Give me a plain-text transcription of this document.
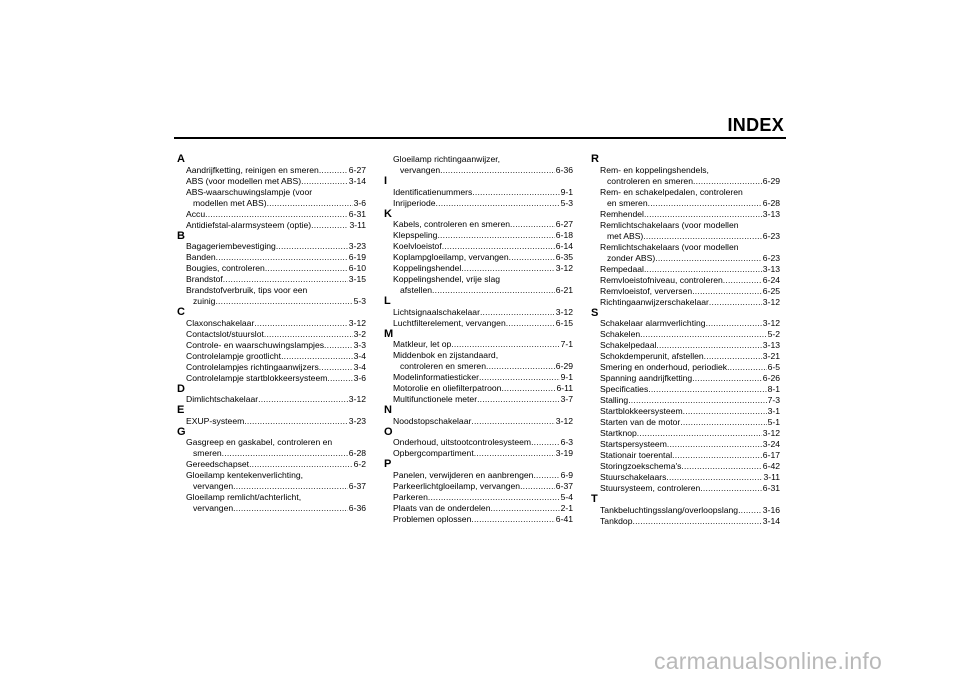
INDEX
A
Aandrijfketting, reinigen en smeren .....	6-27
ABS (voor modellen met ABS) .....	3-14
ABS-waarschuwingslampje (voor
modellen met ABS) .....	3-6
Accu .....	6-31
Antidiefstal-alarmsysteem (optie) .....	3-11
B
Bagageriembevestiging .....	3-23
Banden .....	6-19
Bougies, controleren .....	6-10
Brandstof .....	3-15
Brandstofverbruik, tips voor een
zuinig .....	5-3
C
Claxonschakelaar .....	3-12
Contactslot/stuurslot .....	3-2
Controle- en waarschuwingslampjes .....	3-3
Controlelampje grootlicht .....	3-4
Controlelampjes richtingaanwijzers .....	3-4
Controlelampje startblokkeersysteem .....	3-6
D
Dimlichtschakelaar .....	3-12
E
EXUP-systeem .....	3-23
G
Gasgreep en gaskabel, controleren en
smeren .....	6-28
Gereedschapset .....	6-2
Gloeilamp kentekenverlichting,
vervangen .....	6-37
Gloeilamp remlicht/achterlicht,
vervangen .....	6-36
Gloeilamp richtingaanwijzer,
vervangen .....	6-36
I
Identificatienummers .....	9-1
Inrijperiode .....	5-3
K
Kabels, controleren en smeren .....	6-27
Klepspeling .....	6-18
Koelvloeistof .....	6-14
Koplampgloeilamp, vervangen .....	6-35
Koppelingshendel .....	3-12
Koppelingshendel, vrije slag
afstellen .....	6-21
L
Lichtsignaalschakelaar .....	3-12
Luchtfilterelement, vervangen .....	6-15
M
Matkleur, let op .....	7-1
Middenbok en zijstandaard,
controleren en smeren .....	6-29
Modelinformatiesticker .....	9-1
Motorolie en oliefilterpatroon .....	6-11
Multifunctionele meter .....	3-7
N
Noodstopschakelaar .....	3-12
O
Onderhoud, uitstootcontrolesysteem .....	6-3
Opbergcompartiment .....	3-19
P
Panelen, verwijderen en aanbrengen .....	6-9
Parkeerlichtgloeilamp, vervangen .....	6-37
Parkeren .....	5-4
Plaats van de onderdelen .....	2-1
Problemen oplossen .....	6-41
R
Rem- en koppelingshendels,
controleren en smeren .....	6-29
Rem- en schakelpedalen, controleren
en smeren .....	6-28
Remhendel .....	3-13
Remlichtschakelaars (voor modellen
met ABS) .....	6-23
Remlichtschakelaars (voor modellen
zonder ABS) .....	6-23
Rempedaal .....	3-13
Remvloeistofniveau, controleren .....	6-24
Remvloeistof, verversen .....	6-25
Richtingaanwijzerschakelaar .....	3-12
S
Schakelaar alarmverlichting .....	3-12
Schakelen .....	5-2
Schakelpedaal .....	3-13
Schokdemperunit, afstellen .....	3-21
Smering en onderhoud, periodiek .....	6-5
Spanning aandrijfketting .....	6-26
Specificaties .....	8-1
Stalling .....	7-3
Startblokkeersysteem .....	3-1
Starten van de motor .....	5-1
Startknop .....	3-12
Startspersysteem .....	3-24
Stationair toerental .....	6-17
Storingzoekschema's .....	6-42
Stuurschakelaars .....	3-11
Stuursysteem, controleren .....	6-31
T
Tankbeluchtingsslang/overloopslang .....	3-16
Tankdop .....	3-14
carmanualsonline.info
